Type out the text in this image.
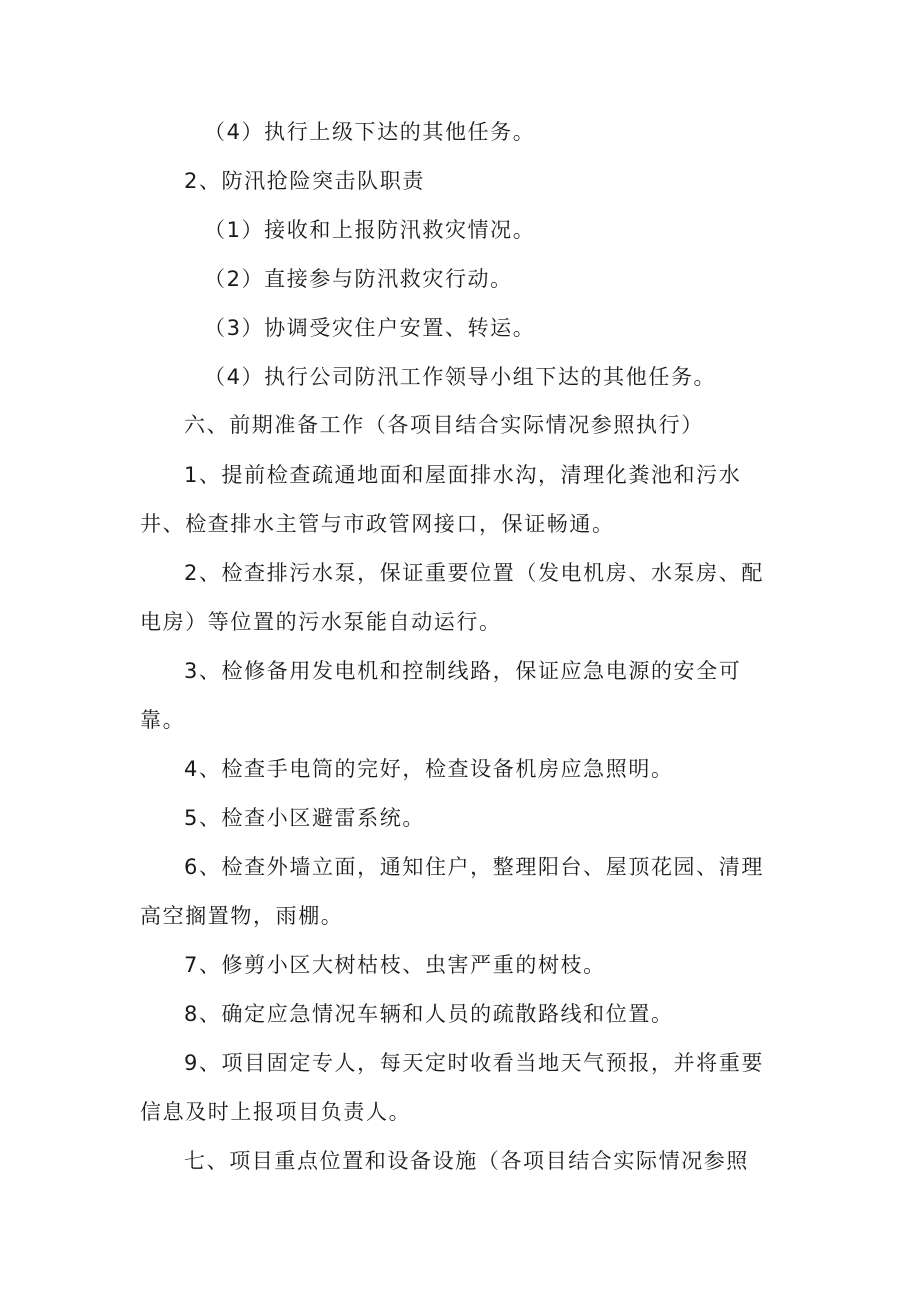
（4）执行上级下达的其他任务。
2、防汛抢险突击队职责
（1）接收和上报防汛救灾情况。
（2）直接参与防汛救灾行动。
（3）协调受灾住户安置、转运。
（4）执行公司防汛工作领导小组下达的其他任务。
六、前期准备工作（各项目结合实际情况参照执行）
1、提前检查疏通地面和屋面排水沟，清理化粪池和污水
井、检查排水主管与市政管网接口，保证畅通。
2、检查排污水泵，保证重要位置（发电机房、水泵房、配
电房）等位置的污水泵能自动运行。
3、检修备用发电机和控制线路，保证应急电源的安全可
靠。
4、检查手电筒的完好，检查设备机房应急照明。
5、检查小区避雷系统。
6、检查外墙立面，通知住户，整理阳台、屋顶花园、清理
高空搁置物，雨棚。
7、修剪小区大树枯枝、虫害严重的树枝。
8、确定应急情况车辆和人员的疏散路线和位置。
9、项目固定专人，每天定时收看当地天气预报，并将重要
信息及时上报项目负责人。
七、项目重点位置和设备设施（各项目结合实际情况参照
